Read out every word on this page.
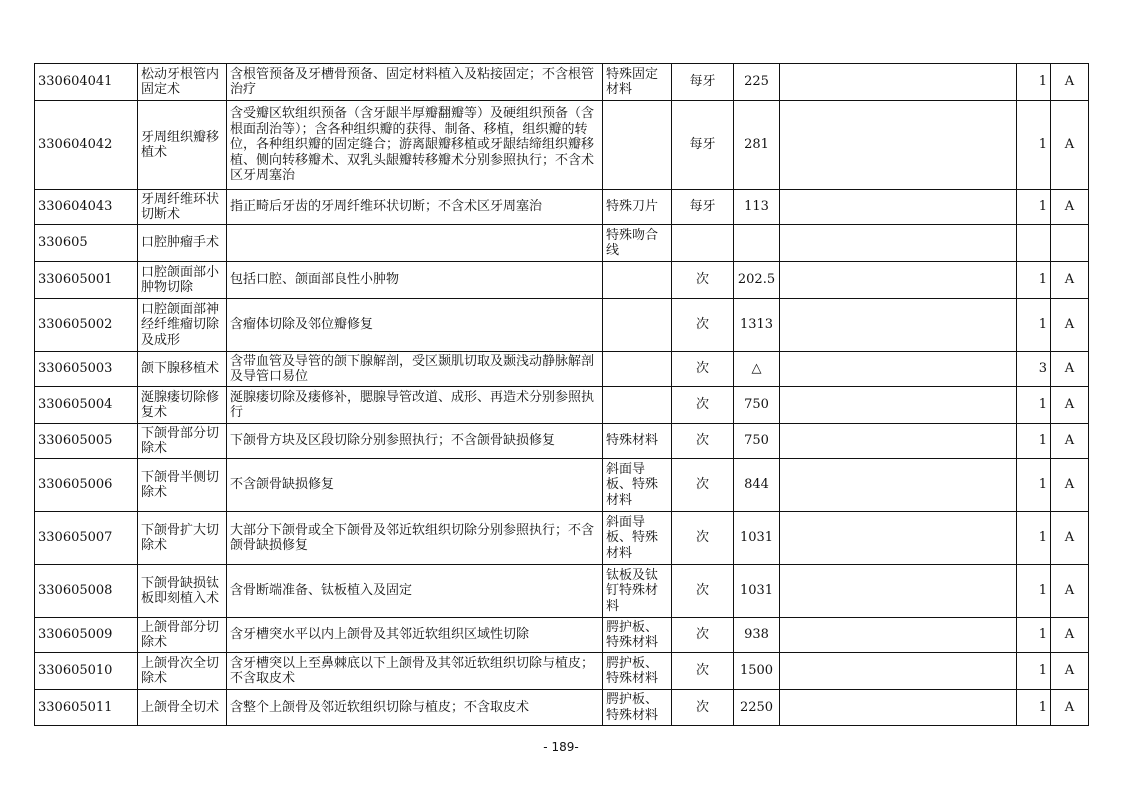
330604041	松动牙根管内固定术	含根管预备及牙槽骨预备、固定材料植入及粘接固定；不含根管治疗	特殊固定材料	每牙	225		1	A
330604042	牙周组织瓣移植术	含受瓣区软组织预备（含牙龈半厚瓣翻瓣等）及硬组织预备（含根面刮治等）；含各种组织瓣的获得、制备、移植，组织瓣的转位，各种组织瓣的固定缝合；游离龈瓣移植或牙龈结缔组织瓣移植、侧向转移瓣术、双乳头龈瓣转移瓣术分别参照执行；不含术区牙周塞治		每牙	281		1	A
330604043	牙周纤维环状切断术	指正畸后牙齿的牙周纤维环状切断；不含术区牙周塞治	特殊刀片	每牙	113		1	A
330605	口腔肿瘤手术		特殊吻合线					
330605001	口腔颌面部小肿物切除	包括口腔、颌面部良性小肿物		次	202.5		1	A
330605002	口腔颌面部神经纤维瘤切除及成形	含瘤体切除及邻位瓣修复		次	1313		1	A
330605003	颌下腺移植术	含带血管及导管的颌下腺解剖，受区颞肌切取及颞浅动静脉解剖及导管口易位		次	△		3	A
330605004	涎腺瘘切除修复术	涎腺瘘切除及瘘修补，腮腺导管改道、成形、再造术分别参照执行		次	750		1	A
330605005	下颌骨部分切除术	下颌骨方块及区段切除分别参照执行；不含颌骨缺损修复	特殊材料	次	750		1	A
330605006	下颌骨半侧切除术	不含颌骨缺损修复	斜面导板、特殊材料	次	844		1	A
330605007	下颌骨扩大切除术	大部分下颌骨或全下颌骨及邻近软组织切除分别参照执行；不含颌骨缺损修复	斜面导板、特殊材料	次	1031		1	A
330605008	下颌骨缺损钛板即刻植入术	含骨断端准备、钛板植入及固定	钛板及钛钉特殊材料	次	1031		1	A
330605009	上颌骨部分切除术	含牙槽突水平以内上颌骨及其邻近软组织区域性切除	腭护板、特殊材料	次	938		1	A
330605010	上颌骨次全切除术	含牙槽突以上至鼻棘底以下上颌骨及其邻近软组织切除与植皮；不含取皮术	腭护板、特殊材料	次	1500		1	A
330605011	上颌骨全切术	含整个上颌骨及邻近软组织切除与植皮；不含取皮术	腭护板、特殊材料	次	2250		1	A
- 189-
